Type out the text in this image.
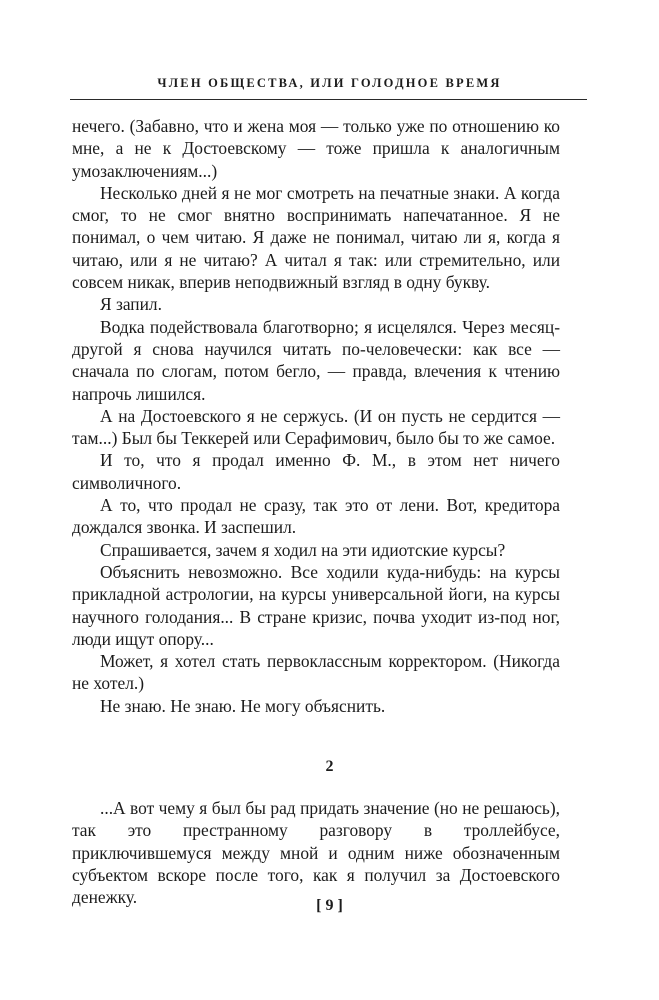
ЧЛЕН ОБЩЕСТВА, ИЛИ ГОЛОДНОЕ ВРЕМЯ

нечего. (Забавно, что и жена моя — только уже по отношению ко мне, а не к Достоевскому — тоже пришла к аналогичным умозаключениям...)

Несколько дней я не мог смотреть на печатные знаки. А когда смог, то не смог внятно воспринимать напечатанное. Я не понимал, о чем читаю. Я даже не понимал, читаю ли я, когда я читаю, или я не читаю? А читал я так: или стремительно, или совсем никак, вперив неподвижный взгляд в одну букву.

Я запил.

Водка подействовала благотворно; я исцелялся. Через месяц-другой я снова научился читать по-человечески: как все — сначала по слогам, потом бегло, — правда, влечения к чтению напрочь лишился.

А на Достоевского я не сержусь. (И он пусть не сердится — там...) Был бы Теккерей или Серафимович, было бы то же самое.

И то, что я продал именно Ф. М., в этом нет ничего символичного.

А то, что продал не сразу, так это от лени. Вот, кредитора дождался звонка. И заспешил.

Спрашивается, зачем я ходил на эти идиотские курсы?

Объяснить невозможно. Все ходили куда-нибудь: на курсы прикладной астрологии, на курсы универсальной йоги, на курсы научного голодания... В стране кризис, почва уходит из-под ног, люди ищут опору...

Может, я хотел стать первоклассным корректором. (Никогда не хотел.)

Не знаю. Не знаю. Не могу объяснить.

2

...А вот чему я был бы рад придать значение (но не решаюсь), так это престранному разговору в троллейбусе, приключившемуся между мной и одним ниже обозначенным субъектом вскоре после того, как я получил за Достоевского денежку.	[ 9 ]
